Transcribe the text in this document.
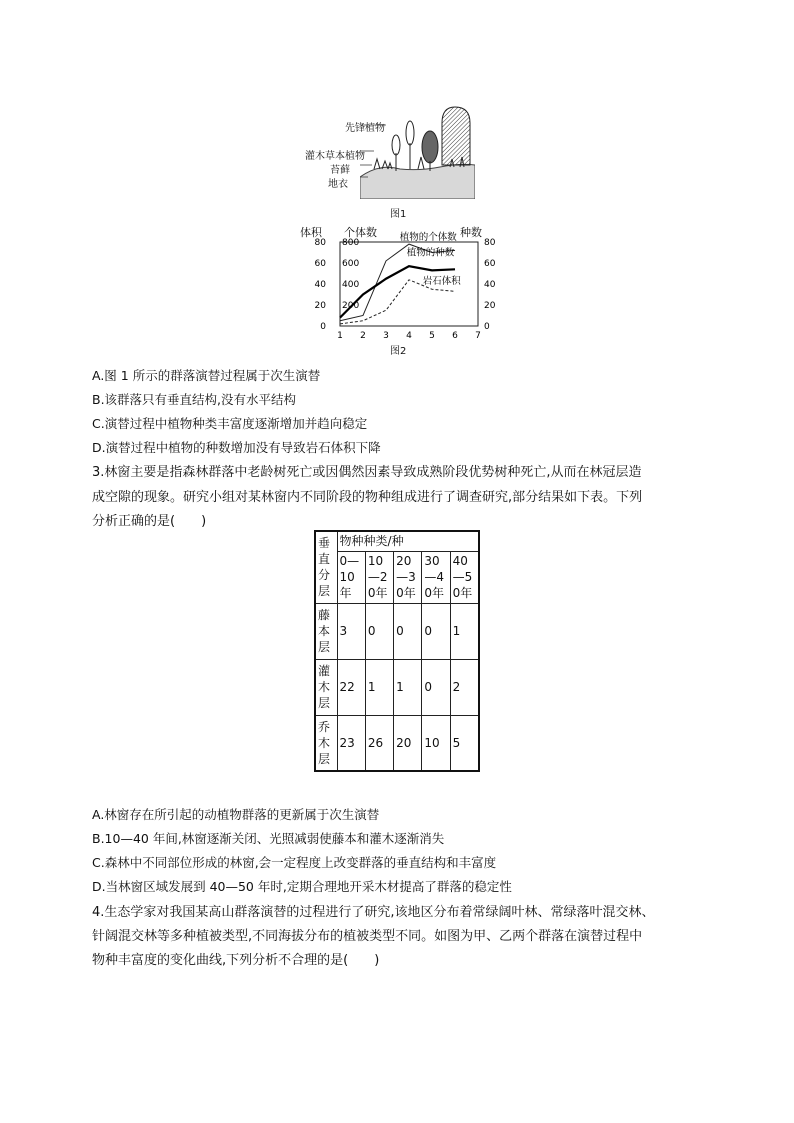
先锋植物
灌木草本植物
苔藓
地衣
图1
体积 个体数	种数
80
60
40
20
0
800
600
400
200
80
60
40
20
0
1 2 3 4 5 6 7
植物的个体数
植物的种数
岩石体积
图2
A.图 1 所示的群落演替过程属于次生演替
B.该群落只有垂直结构,没有水平结构
C.演替过程中植物种类丰富度逐渐增加并趋向稳定
D.演替过程中植物的种数增加没有导致岩石体积下降
3.林窗主要是指森林群落中老龄树死亡或因偶然因素导致成熟阶段优势树种死亡,从而在林冠层造
成空隙的现象。研究小组对某林窗内不同阶段的物种组成进行了调查研究,部分结果如下表。下列
分析正确的是(　　)
垂直分层	物种种类/种				
	0—10年	10—20年	20—30年	30—40年	40—50年
藤本层	3	0	0	0	1
灌木层	22	1	1	0	2
乔木层	23	26	20	10	5
A.林窗存在所引起的动植物群落的更新属于次生演替
B.10—40 年间,林窗逐渐关闭、光照减弱使藤本和灌木逐渐消失
C.森林中不同部位形成的林窗,会一定程度上改变群落的垂直结构和丰富度
D.当林窗区域发展到 40—50 年时,定期合理地开采木材提高了群落的稳定性
4.生态学家对我国某高山群落演替的过程进行了研究,该地区分布着常绿阔叶林、常绿落叶混交林、
针阔混交林等多种植被类型,不同海拔分布的植被类型不同。如图为甲、乙两个群落在演替过程中
物种丰富度的变化曲线,下列分析不合理的是(　　)
